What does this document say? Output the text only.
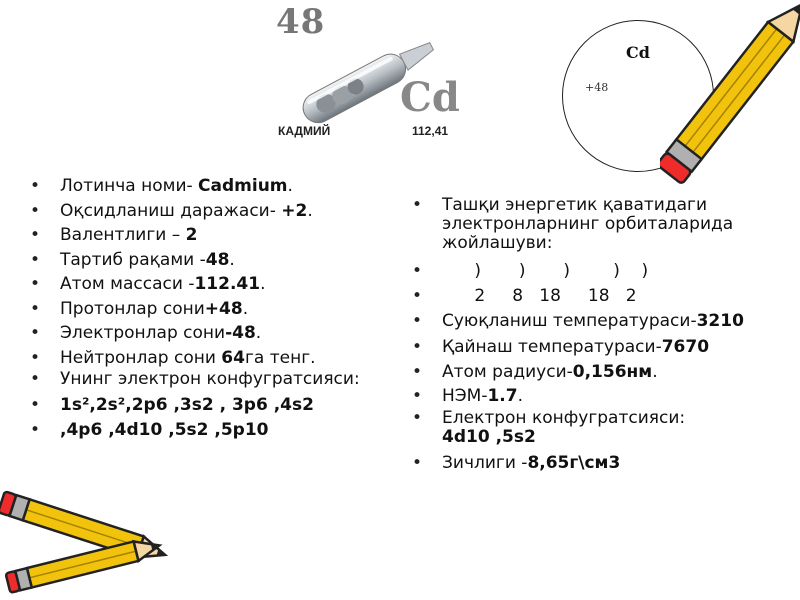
48
Cd
КАДМИЙ	112,41
Cd
+48
• Лотинча номи- Cadmium.
• Оқсидланиш даражаси- +2.
• Валентлиги – 2
• Тартиб рақами -48.
• Атом массаси -112.41.
• Протонлар сони+48.
• Электронлар сони-48.
• Нейтронлар сони 64га тенг.
• Унинг электрон конфугратсияси:
• 1s²,2s²,2p6 ,3s2 , 3p6 ,4s2
• ,4p6 ,4d10 ,5s2 ,5p10
• Ташқи энергетик қаватидаги электронларнинг орбиталарида жойлашуви:
•       )       )       )        )    )
•       2     8   18     18   2
• Суюқланиш температураси-3210
• Қайнаш температураси-7670
• Атом радиуси-0,156нм.
• НЭМ-1.7.
• Електрон конфугратсияси:
4d10 ,5s2
• Зичлиги -8,65г\см3
